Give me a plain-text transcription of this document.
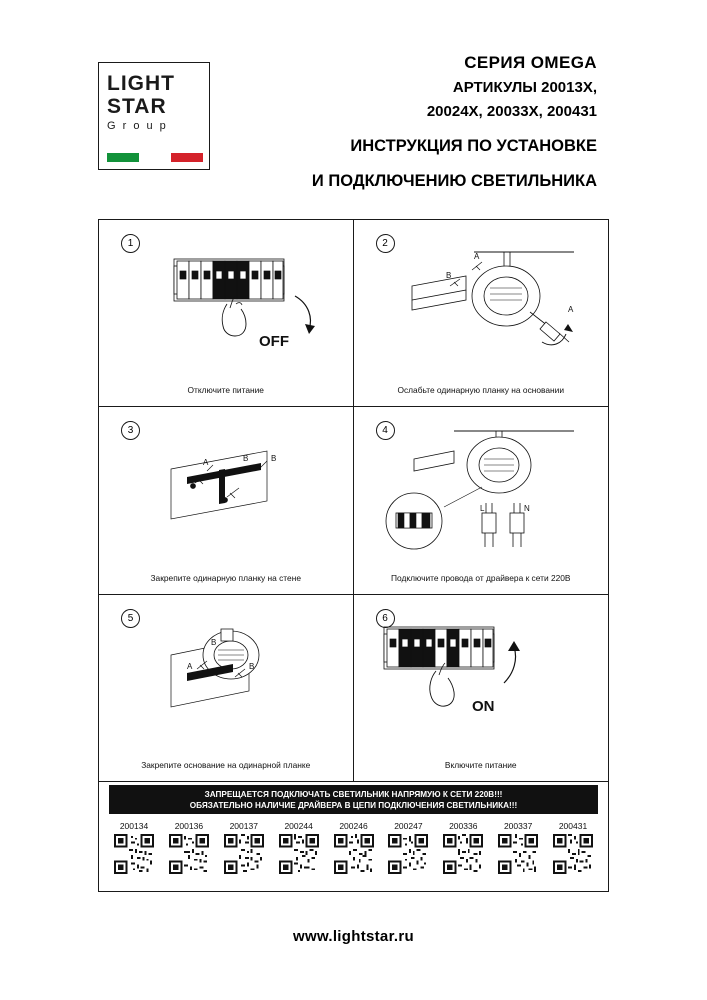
LIGHT
STAR
G r o u p
СЕРИЯ OMEGA
АРТИКУЛЫ 20013Х,
20024Х, 20033Х, 200431
ИНСТРУКЦИЯ ПО УСТАНОВКЕ
И ПОДКЛЮЧЕНИЮ СВЕТИЛЬНИКА
1
OFF
Отключите питание
2
A
B
A
Ослабьте одинарную планку на основании
3
A	B	B
Закрепите одинарную планку на стене
4
L	N
Подключите провода от драйвера к сети 220В
5
B
A	B
Закрепите основание на одинарной планке
6
ON
Включите питание
ЗАПРЕЩАЕТСЯ ПОДКЛЮЧАТЬ СВЕТИЛЬНИК НАПРЯМУЮ К СЕТИ 220В!!!
ОБЯЗАТЕЛЬНО НАЛИЧИЕ ДРАЙВЕРА В ЦЕПИ ПОДКЛЮЧЕНИЯ СВЕТИЛЬНИКА!!!
200134	200136	200137	200244	200246	200247	200336	200337	200431
www.lightstar.ru
